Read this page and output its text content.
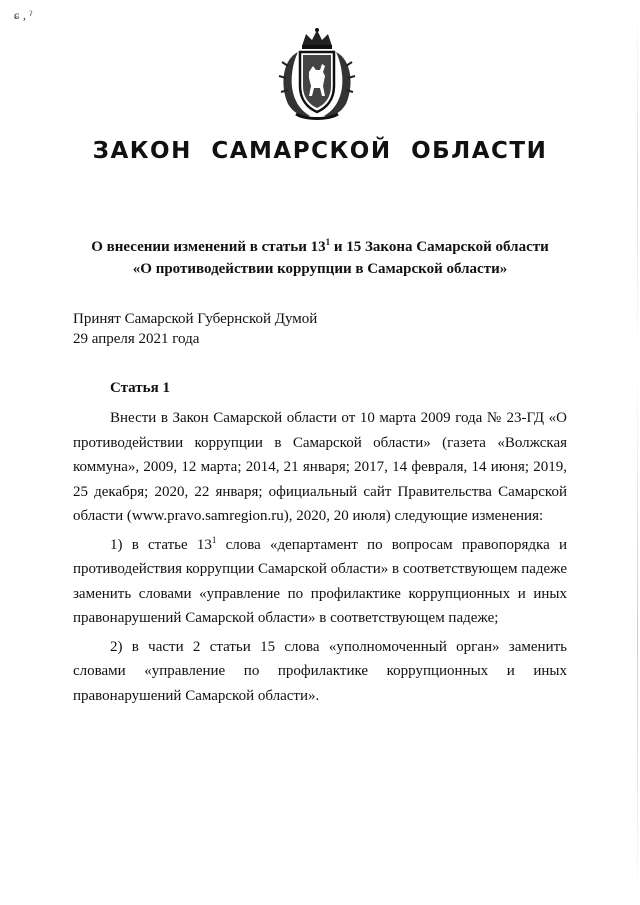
ɕ ‚ ˀ
ЗАКОН САМАРСКОЙ ОБЛАСТИ
О внесении изменений в статьи $13^1$ и 15 Закона Самарской области
«О противодействии коррупции в Самарской области»
Принят Самарской Губернской Думой
29 апреля 2021 года
Статья 1

Внести в Закон Самарской области от 10 марта 2009 года № 23-ГД «О противодействии коррупции в Самарской области» (газета «Волжская коммуна», 2009, 12 марта; 2014, 21 января; 2017, 14 февраля, 14 июня; 2019, 25 декабря; 2020, 22 января; официальный сайт Правительства Самарской области (www.pravo.samregion.ru), 2020, 20 июля) следующие изменения:

1) в статье $13^1$ слова «департамент по вопросам правопорядка и противодействия коррупции Самарской области» в соответствующем падеже заменить словами «управление по профилактике коррупционных и иных правонарушений Самарской области» в соответствующем падеже;

2) в части 2 статьи 15 слова «уполномоченный орган» заменить словами «управление по профилактике коррупционных и иных правонарушений Самарской области».
